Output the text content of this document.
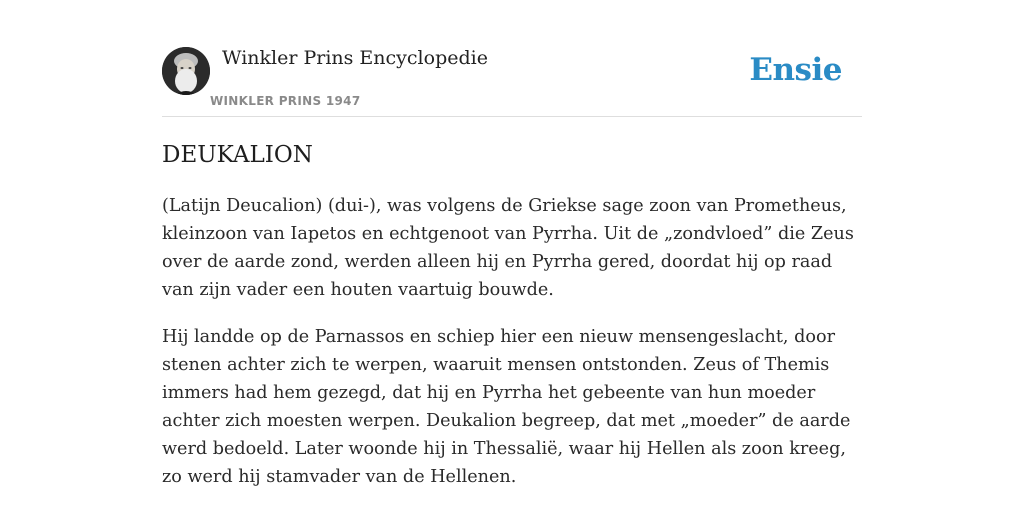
Winkler Prins Encyclopedie
WINKLER PRINS 1947
Ensie
DEUKALION

(Latijn Deucalion) (dui-), was volgens de Griekse sage zoon van Prometheus, kleinzoon van Iapetos en echtgenoot van Pyrrha. Uit de „zondvloed” die Zeus over de aarde zond, werden alleen hij en Pyrrha gered, doordat hij op raad van zijn vader een houten vaartuig bouwde.

Hij landde op de Parnassos en schiep hier een nieuw mensengeslacht, door stenen achter zich te werpen, waaruit mensen ontstonden. Zeus of Themis immers had hem gezegd, dat hij en Pyrrha het gebeente van hun moeder achter zich moesten werpen. Deukalion begreep, dat met „moeder” de aarde werd bedoeld. Later woonde hij in Thessalië, waar hij Hellen als zoon kreeg, zo werd hij stamvader van de Hellenen.
